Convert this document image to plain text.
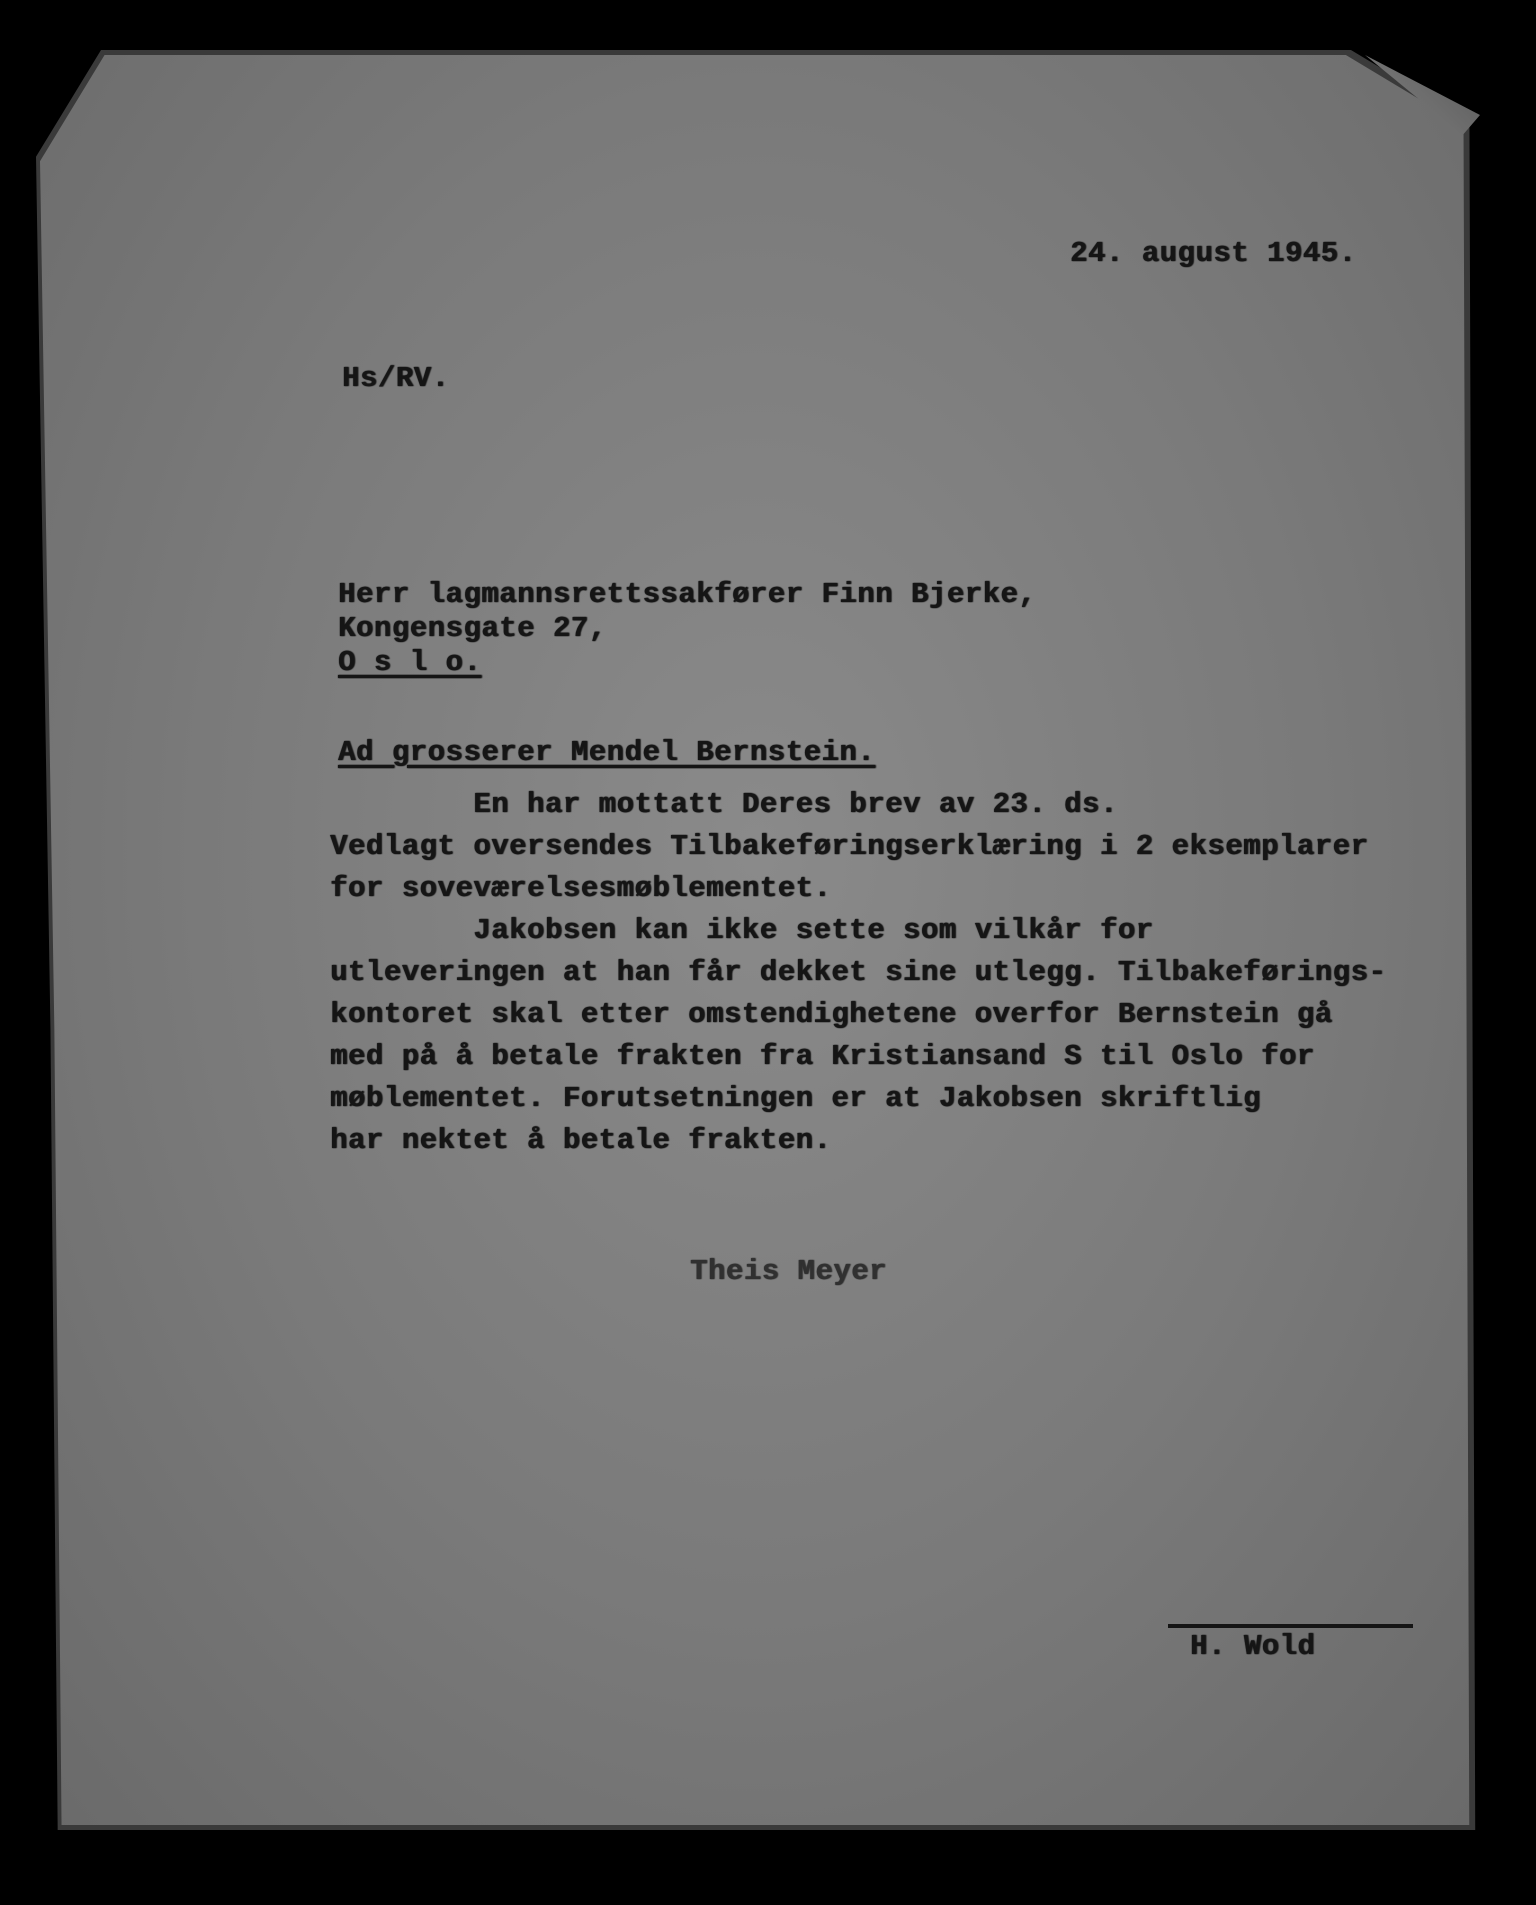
24. august 1945.
Hs/RV.
Herr lagmannsrettssakfører Finn Bjerke,
Kongensgate 27,
O s l o.
Ad grosserer Mendel Bernstein.
En har mottatt Deres brev av 23. ds.
Vedlagt oversendes Tilbakeføringserklæring i 2 eksemplarer
for soveværelsesmøblementet.
Jakobsen kan ikke sette som vilkår for
utleveringen at han får dekket sine utlegg. Tilbakeførings-
kontoret skal etter omstendighetene overfor Bernstein gå
med på å betale frakten fra Kristiansand S til Oslo for
møblementet. Forutsetningen er at Jakobsen skriftlig
har nektet å betale frakten.
Theis Meyer
H. Wold
